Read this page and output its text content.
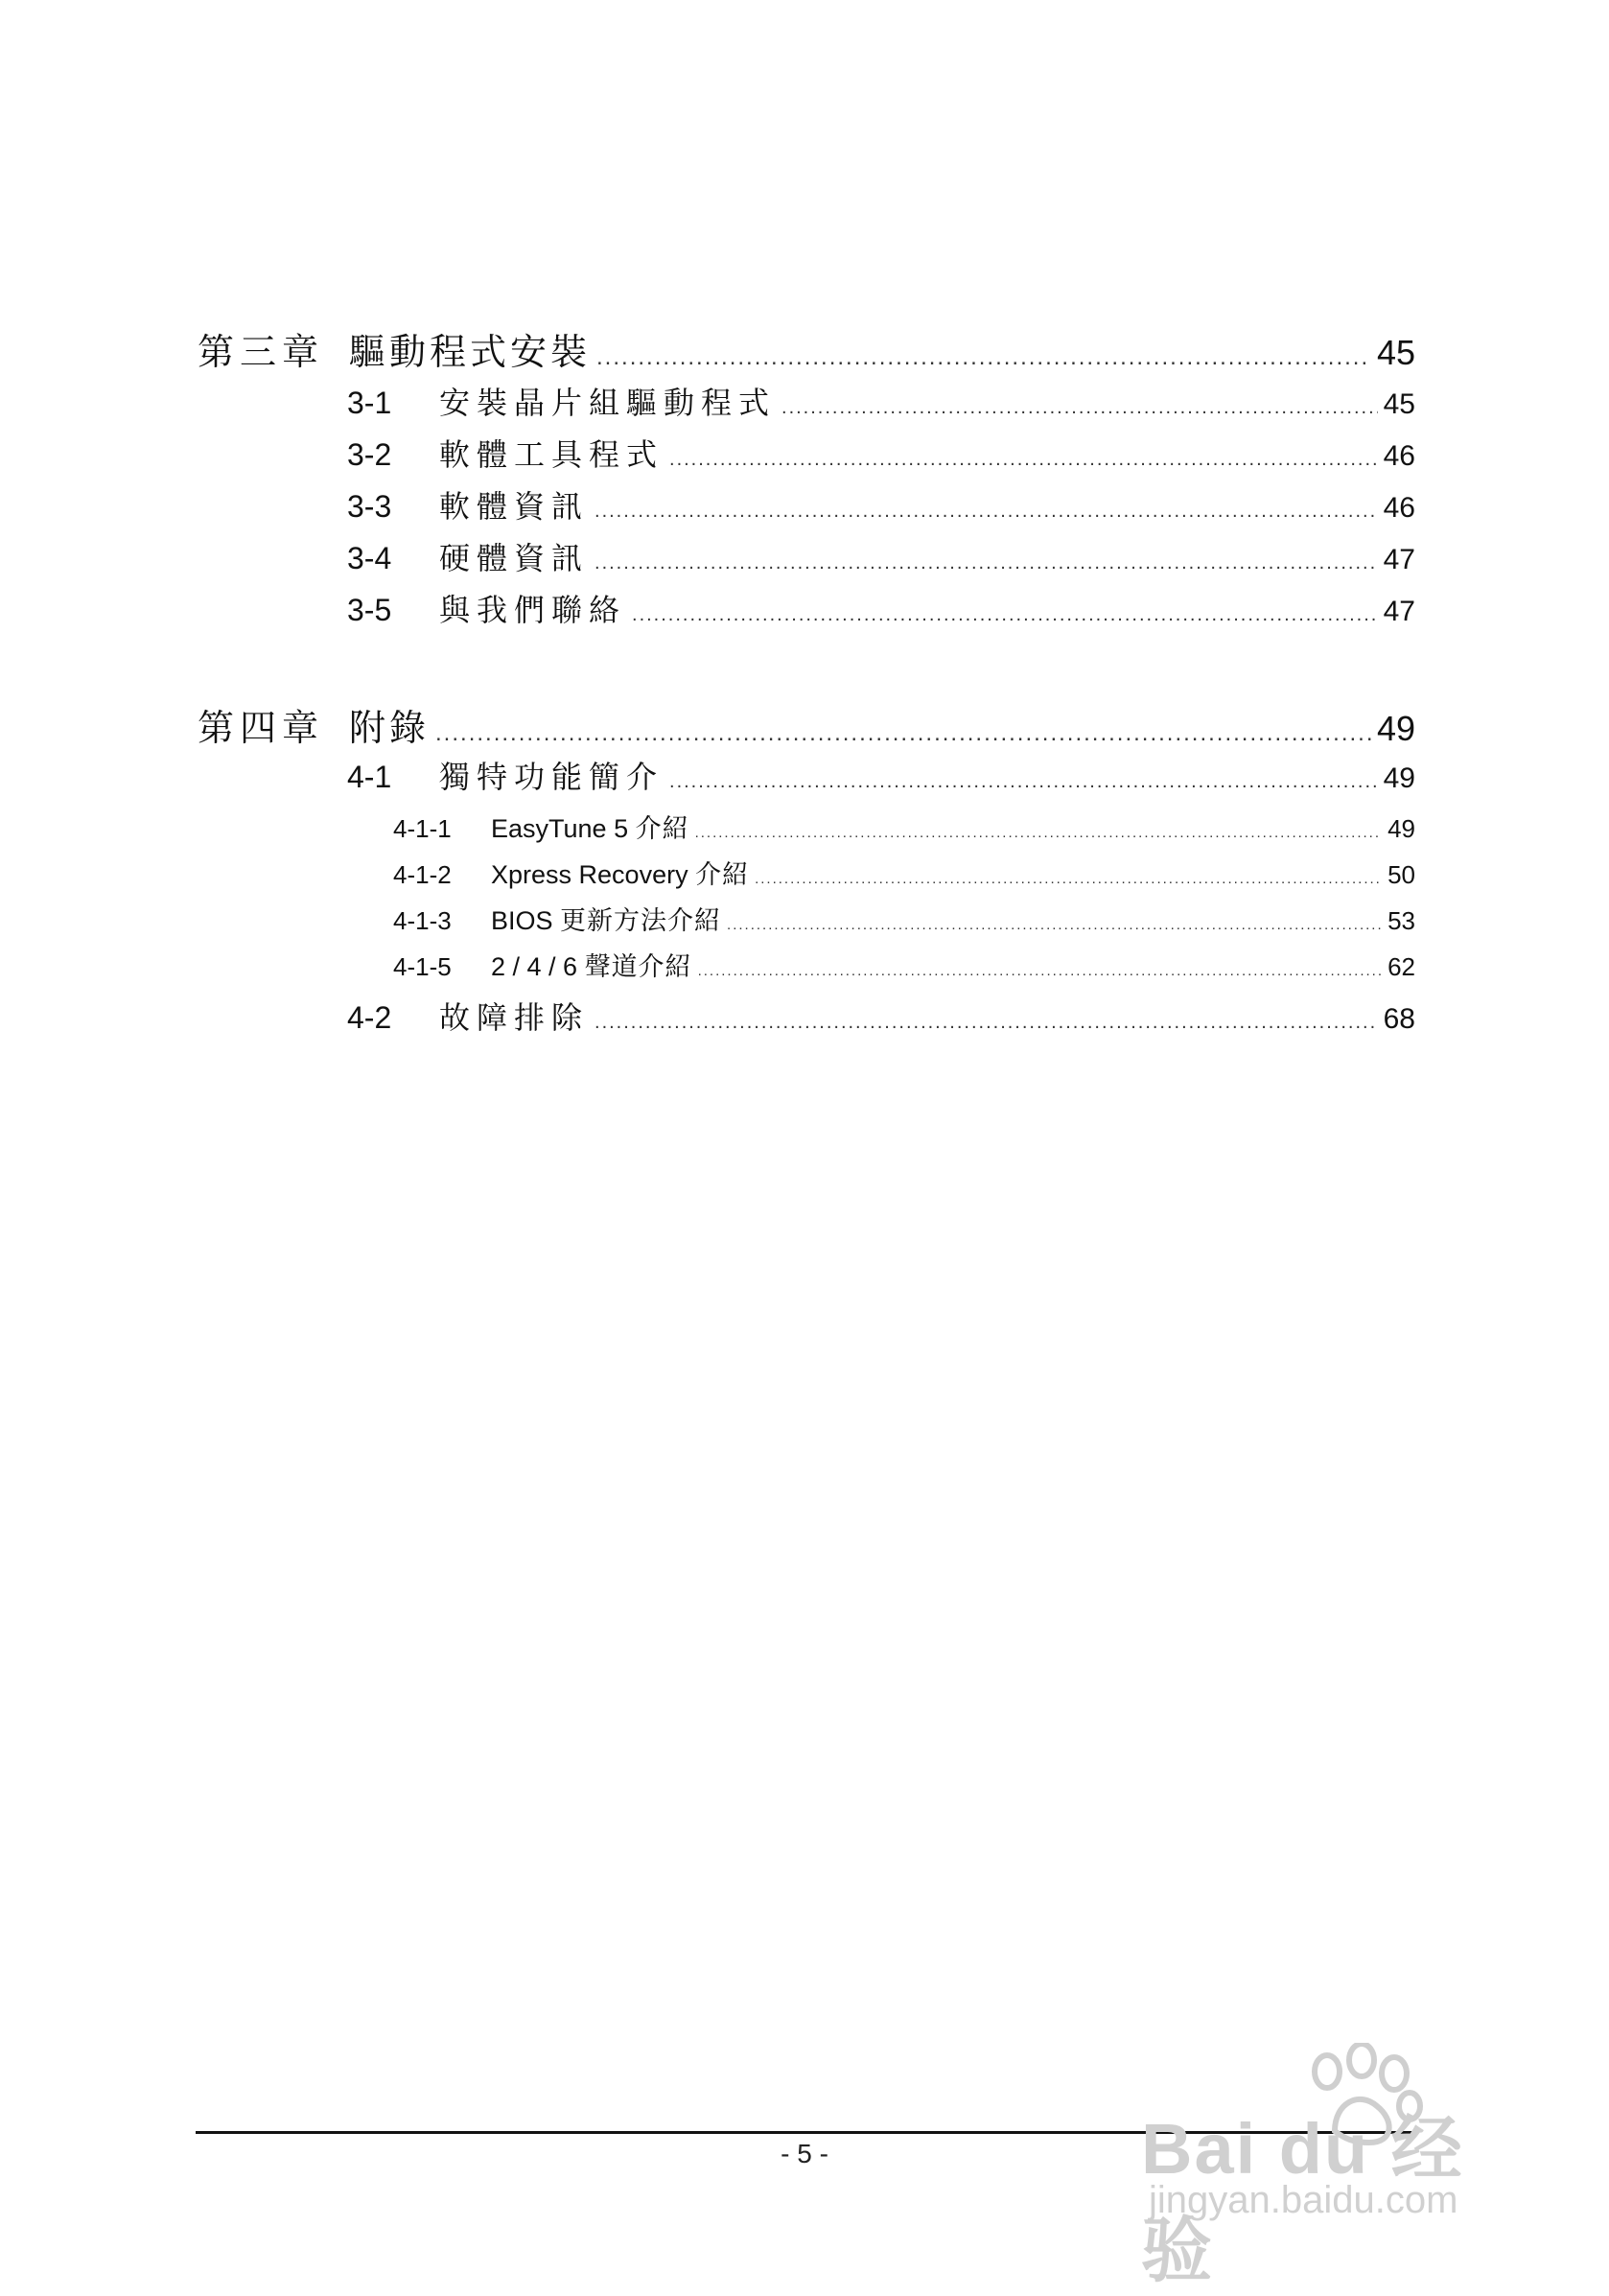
第三章 驅動程式安裝 .....	45
3-1	安裝晶片組驅動程式 .....	45
3-2	軟體工具程式 .....	46
3-3	軟體資訊 .....	46
3-4	硬體資訊 .....	47
3-5	與我們聯絡 .....	47
第四章 附錄 .....	49
4-1	獨特功能簡介 .....	49
4-1-1	EasyTune 5 介紹 .....	49
4-1-2	Xpress Recovery 介紹 .....	50
4-1-3	BIOS 更新方法介紹 .....	53
4-1-5	2 / 4 / 6 聲道介紹 .....	62
4-2	故障排除 .....	68
- 5 -	Bai du 经验
jingyan.baidu.com
